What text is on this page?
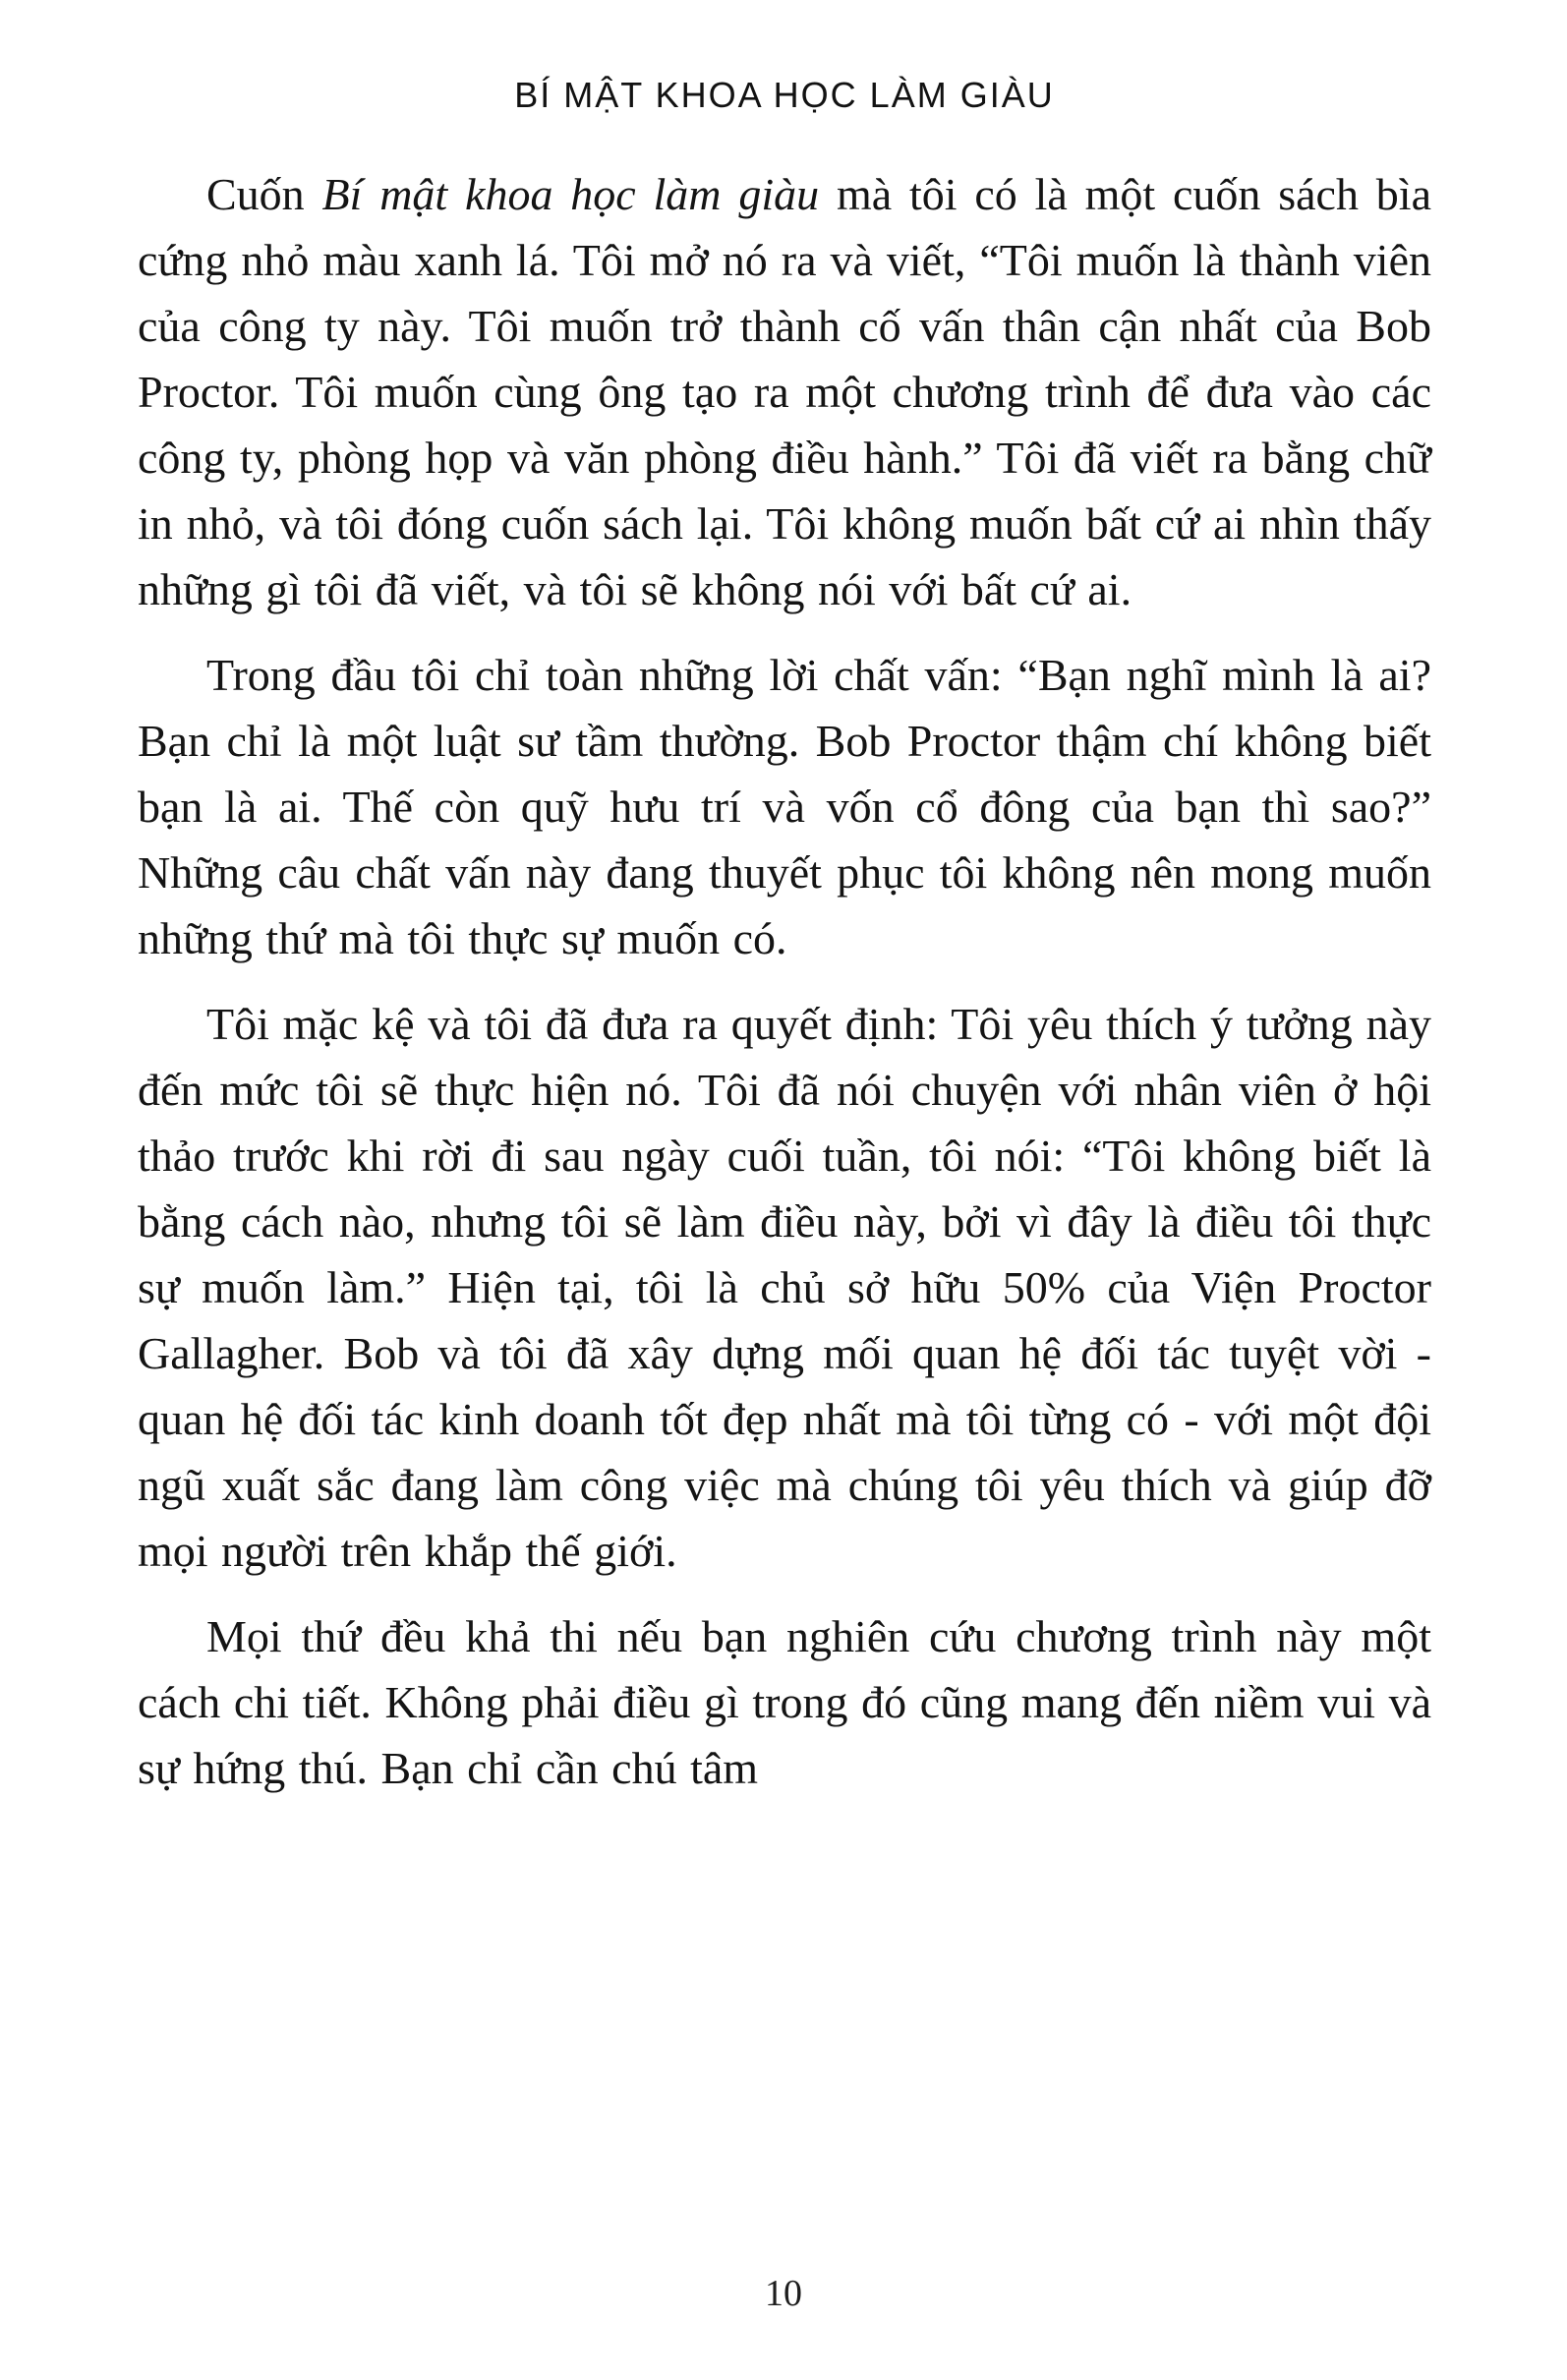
BÍ MẬT KHOA HỌC LÀM GIÀU

Cuốn Bí mật khoa học làm giàu mà tôi có là một cuốn sách bìa cứng nhỏ màu xanh lá. Tôi mở nó ra và viết, “Tôi muốn là thành viên của công ty này. Tôi muốn trở thành cố vấn thân cận nhất của Bob Proctor. Tôi muốn cùng ông tạo ra một chương trình để đưa vào các công ty, phòng họp và văn phòng điều hành.” Tôi đã viết ra bằng chữ in nhỏ, và tôi đóng cuốn sách lại. Tôi không muốn bất cứ ai nhìn thấy những gì tôi đã viết, và tôi sẽ không nói với bất cứ ai.

Trong đầu tôi chỉ toàn những lời chất vấn: “Bạn nghĩ mình là ai? Bạn chỉ là một luật sư tầm thường. Bob Proctor thậm chí không biết bạn là ai. Thế còn quỹ hưu trí và vốn cổ đông của bạn thì sao?” Những câu chất vấn này đang thuyết phục tôi không nên mong muốn những thứ mà tôi thực sự muốn có.

Tôi mặc kệ và tôi đã đưa ra quyết định: Tôi yêu thích ý tưởng này đến mức tôi sẽ thực hiện nó. Tôi đã nói chuyện với nhân viên ở hội thảo trước khi rời đi sau ngày cuối tuần, tôi nói: “Tôi không biết là bằng cách nào, nhưng tôi sẽ làm điều này, bởi vì đây là điều tôi thực sự muốn làm.” Hiện tại, tôi là chủ sở hữu 50% của Viện Proctor Gallagher. Bob và tôi đã xây dựng mối quan hệ đối tác tuyệt vời - quan hệ đối tác kinh doanh tốt đẹp nhất mà tôi từng có - với một đội ngũ xuất sắc đang làm công việc mà chúng tôi yêu thích và giúp đỡ mọi người trên khắp thế giới.

Mọi thứ đều khả thi nếu bạn nghiên cứu chương trình này một cách chi tiết. Không phải điều gì trong đó cũng mang đến niềm vui và sự hứng thú. Bạn chỉ cần chú tâm

10
